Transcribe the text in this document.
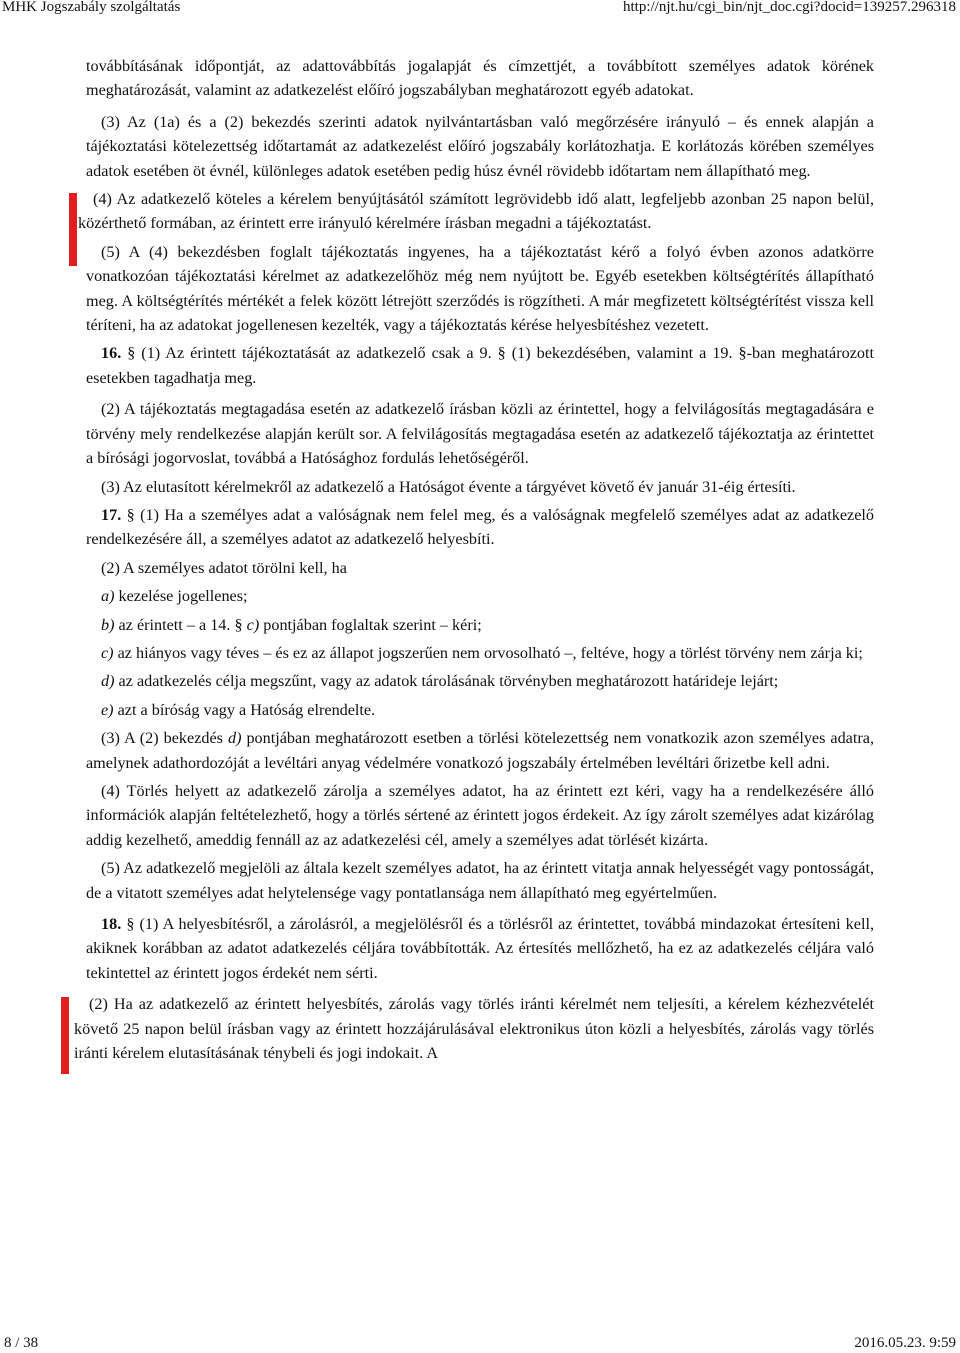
MHK Jogszabály szolgáltatás	http://njt.hu/cgi_bin/njt_doc.cgi?docid=139257.296318

továbbításának időpontját, az adattovábbítás jogalapját és címzettjét, a továbbított személyes adatok körének meghatározását, valamint az adatkezelést előíró jogszabályban meghatározott egyéb adatokat.

(3) Az (1a) és a (2) bekezdés szerinti adatok nyilvántartásban való megőrzésére irányuló – és ennek alapján a tájékoztatási kötelezettség időtartamát az adatkezelést előíró jogszabály korlátozhatja. E korlátozás körében személyes adatok esetében öt évnél, különleges adatok esetében pedig húsz évnél rövidebb időtartam nem állapítható meg.

(4) Az adatkezelő köteles a kérelem benyújtásától számított legrövidebb idő alatt, legfeljebb azonban 25 napon belül, közérthető formában, az érintett erre irányuló kérelmére írásban megadni a tájékoztatást.

(5) A (4) bekezdésben foglalt tájékoztatás ingyenes, ha a tájékoztatást kérő a folyó évben azonos adatkörre vonatkozóan tájékoztatási kérelmet az adatkezelőhöz még nem nyújtott be. Egyéb esetekben költségtérítés állapítható meg. A költségtérítés mértékét a felek között létrejött szerződés is rögzítheti. A már megfizetett költségtérítést vissza kell téríteni, ha az adatokat jogellenesen kezelték, vagy a tájékoztatás kérése helyesbítéshez vezetett.

16. § (1) Az érintett tájékoztatását az adatkezelő csak a 9. § (1) bekezdésében, valamint a 19. §-ban meghatározott esetekben tagadhatja meg.

(2) A tájékoztatás megtagadása esetén az adatkezelő írásban közli az érintettel, hogy a felvilágosítás megtagadására e törvény mely rendelkezése alapján került sor. A felvilágosítás megtagadása esetén az adatkezelő tájékoztatja az érintettet a bírósági jogorvoslat, továbbá a Hatósághoz fordulás lehetőségéről.

(3) Az elutasított kérelmekről az adatkezelő a Hatóságot évente a tárgyévet követő év január 31-éig értesíti.

17. § (1) Ha a személyes adat a valóságnak nem felel meg, és a valóságnak megfelelő személyes adat az adatkezelő rendelkezésére áll, a személyes adatot az adatkezelő helyesbíti.

(2) A személyes adatot törölni kell, ha

a) kezelése jogellenes;

b) az érintett – a 14. § c) pontjában foglaltak szerint – kéri;

c) az hiányos vagy téves – és ez az állapot jogszerűen nem orvosolható –, feltéve, hogy a törlést törvény nem zárja ki;

d) az adatkezelés célja megszűnt, vagy az adatok tárolásának törvényben meghatározott határideje lejárt;

e) azt a bíróság vagy a Hatóság elrendelte.

(3) A (2) bekezdés d) pontjában meghatározott esetben a törlési kötelezettség nem vonatkozik azon személyes adatra, amelynek adathordozóját a levéltári anyag védelmére vonatkozó jogszabály értelmében levéltári őrizetbe kell adni.

(4) Törlés helyett az adatkezelő zárolja a személyes adatot, ha az érintett ezt kéri, vagy ha a rendelkezésére álló információk alapján feltételezhető, hogy a törlés sértené az érintett jogos érdekeit. Az így zárolt személyes adat kizárólag addig kezelhető, ameddig fennáll az az adatkezelési cél, amely a személyes adat törlését kizárta.

(5) Az adatkezelő megjelöli az általa kezelt személyes adatot, ha az érintett vitatja annak helyességét vagy pontosságát, de a vitatott személyes adat helytelensége vagy pontatlansága nem állapítható meg egyértelműen.

18. § (1) A helyesbítésről, a zárolásról, a megjelölésről és a törlésről az érintettet, továbbá mindazokat értesíteni kell, akiknek korábban az adatot adatkezelés céljára továbbították. Az értesítés mellőzhető, ha ez az adatkezelés céljára való tekintettel az érintett jogos érdekét nem sérti.

(2) Ha az adatkezelő az érintett helyesbítés, zárolás vagy törlés iránti kérelmét nem teljesíti, a kérelem kézhezvételét követő 25 napon belül írásban vagy az érintett hozzájárulásával elektronikus úton közli a helyesbítés, zárolás vagy törlés iránti kérelem elutasításának ténybeli és jogi indokait. A

8 / 38	2016.05.23. 9:59
